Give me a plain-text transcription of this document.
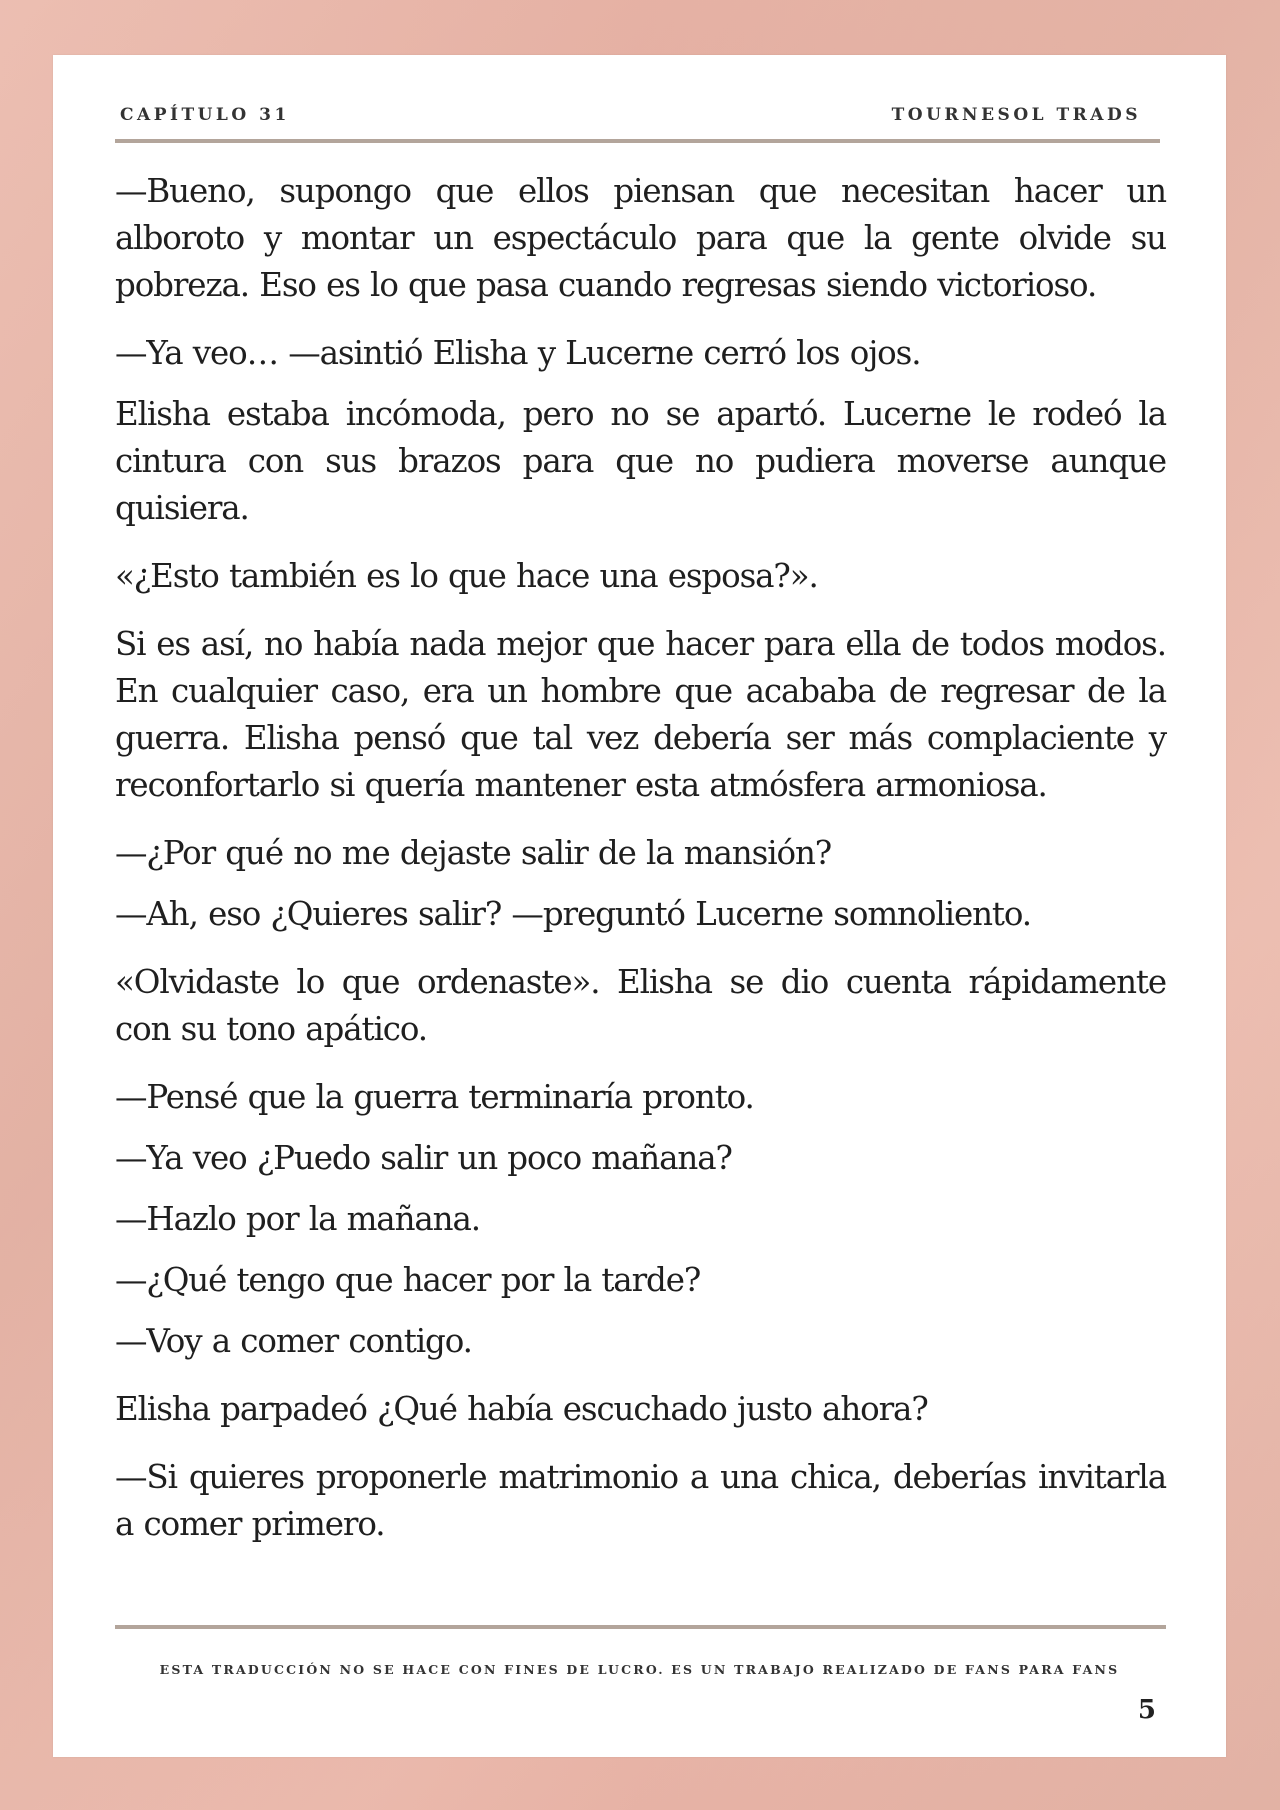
CAPÍTULO 31	TOURNESOL TRADS

—Bueno, supongo que ellos piensan que necesitan hacer un alboroto y montar un espectáculo para que la gente olvide su pobreza. Eso es lo que pasa cuando regresas siendo victorioso.

—Ya veo… —asintió Elisha y Lucerne cerró los ojos.

Elisha estaba incómoda, pero no se apartó. Lucerne le rodeó la cintura con sus brazos para que no pudiera moverse aunque quisiera.

«¿Esto también es lo que hace una esposa?».

Si es así, no había nada mejor que hacer para ella de todos modos. En cualquier caso, era un hombre que acababa de regresar de la guerra. Elisha pensó que tal vez debería ser más complaciente y reconfortarlo si quería mantener esta atmósfera armoniosa.

—¿Por qué no me dejaste salir de la mansión?

—Ah, eso ¿Quieres salir? —preguntó Lucerne somnoliento.

«Olvidaste lo que ordenaste». Elisha se dio cuenta rápidamente con su tono apático.

—Pensé que la guerra terminaría pronto.

—Ya veo ¿Puedo salir un poco mañana?

—Hazlo por la mañana.

—¿Qué tengo que hacer por la tarde?

—Voy a comer contigo.

Elisha parpadeó ¿Qué había escuchado justo ahora?

—Si quieres proponerle matrimonio a una chica, deberías invitarla a comer primero.

ESTA TRADUCCIÓN NO SE HACE CON FINES DE LUCRO. ES UN TRABAJO REALIZADO DE FANS PARA FANS
5
